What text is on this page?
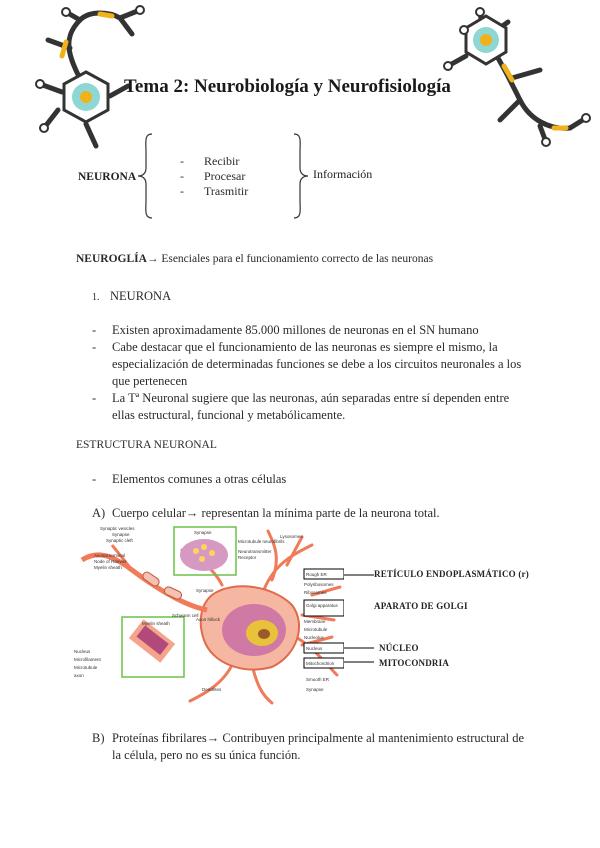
Tema 2: Neurobiología y Neurofisiología
NEURONA
-	Recibir
-	Procesar
-	Trasmitir
Información
NEUROGLÍA→ Esenciales para el funcionamiento correcto de las neuronas
1. NEURONA
-	Existen aproximadamente 85.000 millones de neuronas en el SN humano
-	Cabe destacar que el funcionamiento de las neuronas es siempre el mismo, la especialización de determinadas funciones se debe a los circuitos neuronales a los que pertenecen
-	La Tª Neuronal sugiere que las neuronas, aún separadas entre sí dependen entre ellas estructural, funcional y metabólicamente.
ESTRUCTURA NEURONAL
-	Elementos comunes a otras células
A) Cuerpo celular→ representan la mínima parte de la neurona total.
Synaptic vesicles
Synapse
Synaptic cleft
Synapse
Microtubule neurofibrils
Neurotransmitter
Receptor
Lysosomes
Axonal terminal
Node of Ranvier
Myelin sheath
Synapse
Rough ER
Polyribosomes
Ribosomes
Golgi apparatus
Axon hillock
Myelin sheath	Membrane
Microtubule
Nucleolus
Nucleus
Mitochondrion
Smooth ER
Synapse
Dendrites
Schwann cell
Nucleus
Microfilament
Microtubule
axon
RETÍCULO ENDOPLASMÁTICO (r)
APARATO DE GOLGI
NÚCLEO
MITOCONDRIA
B) Proteínas fibrilares→ Contribuyen principalmente al mantenimiento estructural de la célula, pero no es su única función.
